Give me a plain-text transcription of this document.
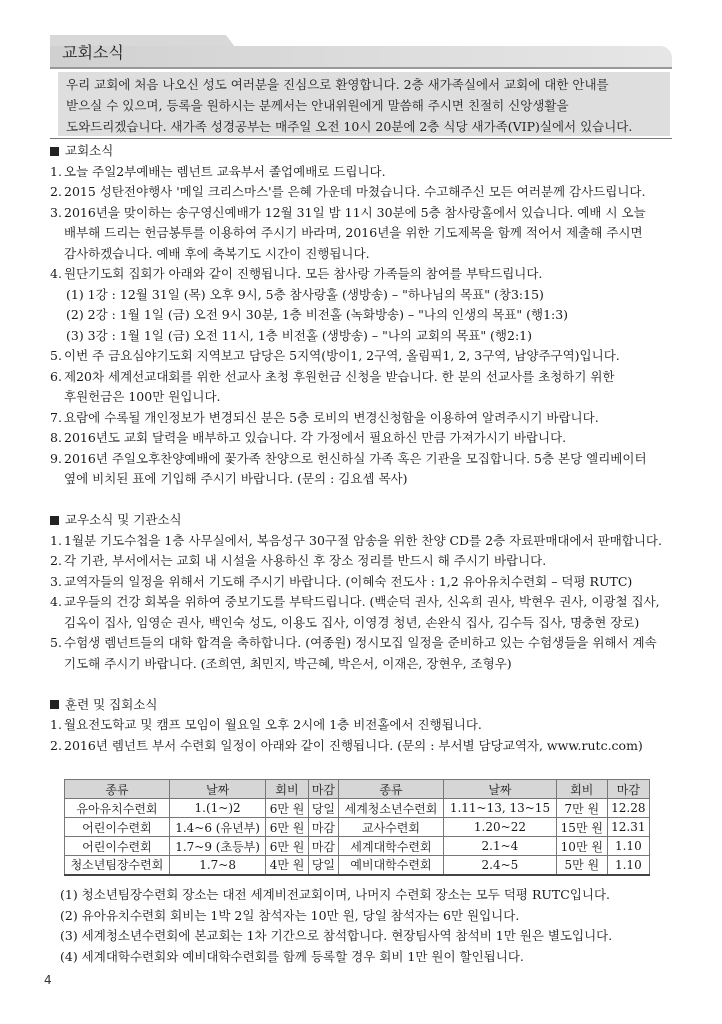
교회소식
우리 교회에 처음 나오신 성도 여러분을 진심으로 환영합니다. 2층 새가족실에서 교회에 대한 안내를
받으실 수 있으며, 등록을 원하시는 분께서는 안내위원에게 말씀해 주시면 친절히 신앙생활을
도와드리겠습니다. 새가족 성경공부는 매주일 오전 10시 20분에 2층 식당 새가족(VIP)실에서 있습니다.
교회소식
1. 오늘 주일2부예배는 렘넌트 교육부서 졸업예배로 드립니다.
2. 2015 성탄전야행사 '메일 크리스마스'를 은혜 가운데 마쳤습니다. 수고해주신 모든 여러분께 감사드립니다.
3. 2016년을 맞이하는 송구영신예배가 12월 31일 밤 11시 30분에 5층 참사랑홀에서 있습니다. 예배 시 오늘
배부해 드리는 헌금봉투를 이용하여 주시기 바라며, 2016년을 위한 기도제목을 함께 적어서 제출해 주시면
감사하겠습니다. 예배 후에 축복기도 시간이 진행됩니다.
4. 원단기도회 집회가 아래와 같이 진행됩니다. 모든 참사랑 가족들의 참여를 부탁드립니다.
(1) 1강 : 12월 31일 (목) 오후 9시, 5층 참사랑홀 (생방송) – "하나님의 목표" (창3:15)
(2) 2강 : 1월 1일 (금) 오전 9시 30분, 1층 비전홀 (녹화방송) – "나의 인생의 목표" (행1:3)
(3) 3강 : 1월 1일 (금) 오전 11시, 1층 비전홀 (생방송) – "나의 교회의 목표" (행2:1)
5. 이번 주 금요심야기도회 지역보고 담당은 5지역(방이1, 2구역, 올림픽1, 2, 3구역, 남양주구역)입니다.
6. 제20차 세계선교대회를 위한 선교사 초청 후원헌금 신청을 받습니다. 한 분의 선교사를 초청하기 위한
후원헌금은 100만 원입니다.
7. 요람에 수록될 개인정보가 변경되신 분은 5층 로비의 변경신청함을 이용하여 알려주시기 바랍니다.
8. 2016년도 교회 달력을 배부하고 있습니다. 각 가정에서 필요하신 만큼 가져가시기 바랍니다.
9. 2016년 주일오후찬양예배에 꽃가족 찬양으로 헌신하실 가족 혹은 기관을 모집합니다. 5층 본당 엘리베이터
옆에 비치된 표에 기입해 주시기 바랍니다. (문의 : 김요셉 목사)
교우소식 및 기관소식
1. 1월분 기도수첩을 1층 사무실에서, 복음성구 30구절 암송을 위한 찬양 CD를 2층 자료판매대에서 판매합니다.
2. 각 기관, 부서에서는 교회 내 시설을 사용하신 후 장소 정리를 반드시 해 주시기 바랍니다.
3. 교역자들의 일정을 위해서 기도해 주시기 바랍니다. (이혜숙 전도사 : 1,2 유아유치수련회 – 덕평 RUTC)
4. 교우들의 건강 회복을 위하여 중보기도를 부탁드립니다. (백순덕 권사, 신옥희 권사, 박현우 권사, 이광철 집사,
김옥이 집사, 임영순 권사, 백인숙 성도, 이용도 집사, 이영경 청년, 손완식 집사, 김수득 집사, 명충현 장로)
5. 수험생 렘넌트들의 대학 합격을 축하합니다. (여종원) 정시모집 일정을 준비하고 있는 수험생들을 위해서 계속
기도해 주시기 바랍니다. (조희연, 최민지, 박근혜, 박은서, 이재은, 장현우, 조형우)
훈련 및 집회소식
1. 월요전도학교 및 캠프 모임이 월요일 오후 2시에 1층 비전홀에서 진행됩니다.
2. 2016년 렘넌트 부서 수련회 일정이 아래와 같이 진행됩니다. (문의 : 부서별 담당교역자, www.rutc.com)
종류	날짜	회비	마감	종류	날짜	회비	마감
유아유치수련회	1.(1~)2	6만 원	당일	세계청소년수련회	1.11~13, 13~15	7만 원	12.28
어린이수련회	1.4~6 (유년부)	6만 원	마감	교사수련회	1.20~22	15만 원	12.31
어린이수련회	1.7~9 (초등부)	6만 원	마감	세계대학수련회	2.1~4	10만 원	1.10
청소년팀장수련회	1.7~8	4만 원	당일	예비대학수련회	2.4~5	5만 원	1.10
(1) 청소년팀장수련회 장소는 대전 세계비전교회이며, 나머지 수련회 장소는 모두 덕평 RUTC입니다.
(2) 유아유치수련회 회비는 1박 2일 참석자는 10만 원, 당일 참석자는 6만 원입니다.
(3) 세계청소년수련회에 본교회는 1차 기간으로 참석합니다. 현장팀사역 참석비 1만 원은 별도입니다.
(4) 세계대학수련회와 예비대학수련회를 함께 등록할 경우 회비 1만 원이 할인됩니다.
4
